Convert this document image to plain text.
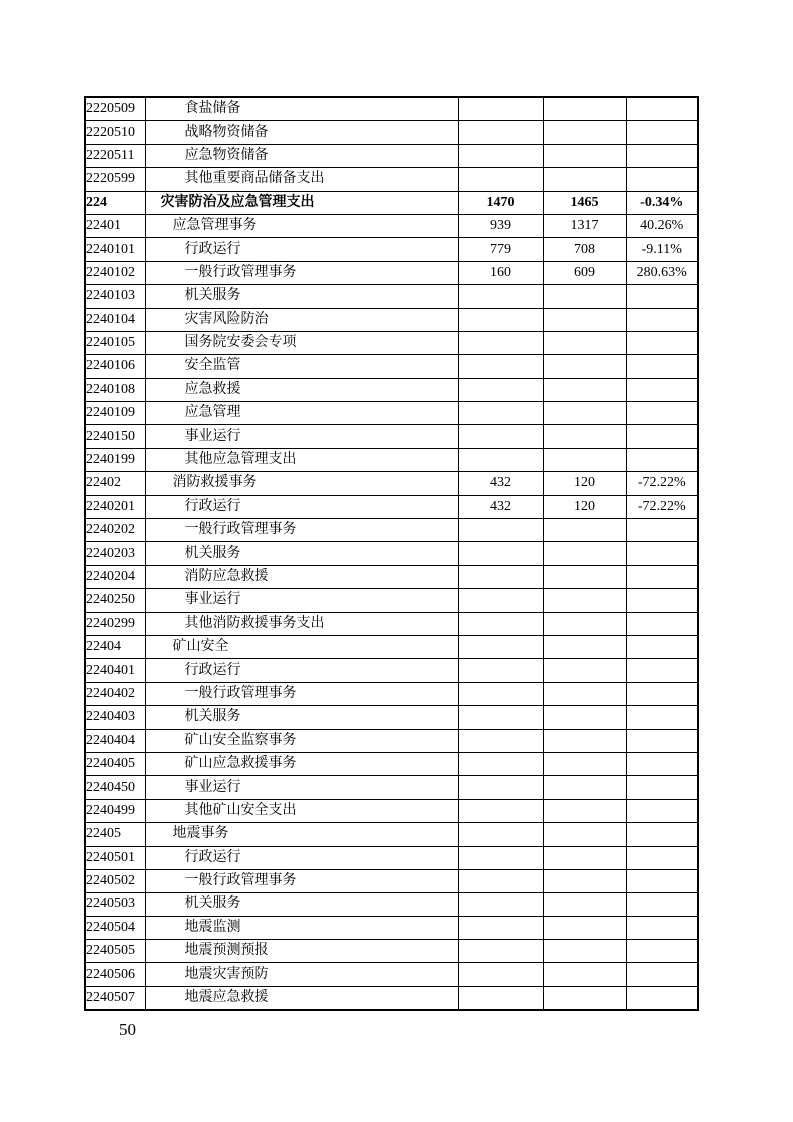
2220509	食盐储备			
2220510	战略物资储备			
2220511	应急物资储备			
2220599	其他重要商品储备支出			
224	灾害防治及应急管理支出	1470	1465	-0.34%
22401	应急管理事务	939	1317	40.26%
2240101	行政运行	779	708	-9.11%
2240102	一般行政管理事务	160	609	280.63%
2240103	机关服务			
2240104	灾害风险防治			
2240105	国务院安委会专项			
2240106	安全监管			
2240108	应急救援			
2240109	应急管理			
2240150	事业运行			
2240199	其他应急管理支出			
22402	消防救援事务	432	120	-72.22%
2240201	行政运行	432	120	-72.22%
2240202	一般行政管理事务			
2240203	机关服务			
2240204	消防应急救援			
2240250	事业运行			
2240299	其他消防救援事务支出			
22404	矿山安全			
2240401	行政运行			
2240402	一般行政管理事务			
2240403	机关服务			
2240404	矿山安全监察事务			
2240405	矿山应急救援事务			
2240450	事业运行			
2240499	其他矿山安全支出			
22405	地震事务			
2240501	行政运行			
2240502	一般行政管理事务			
2240503	机关服务			
2240504	地震监测			
2240505	地震预测预报			
2240506	地震灾害预防			
2240507	地震应急救援			
50
